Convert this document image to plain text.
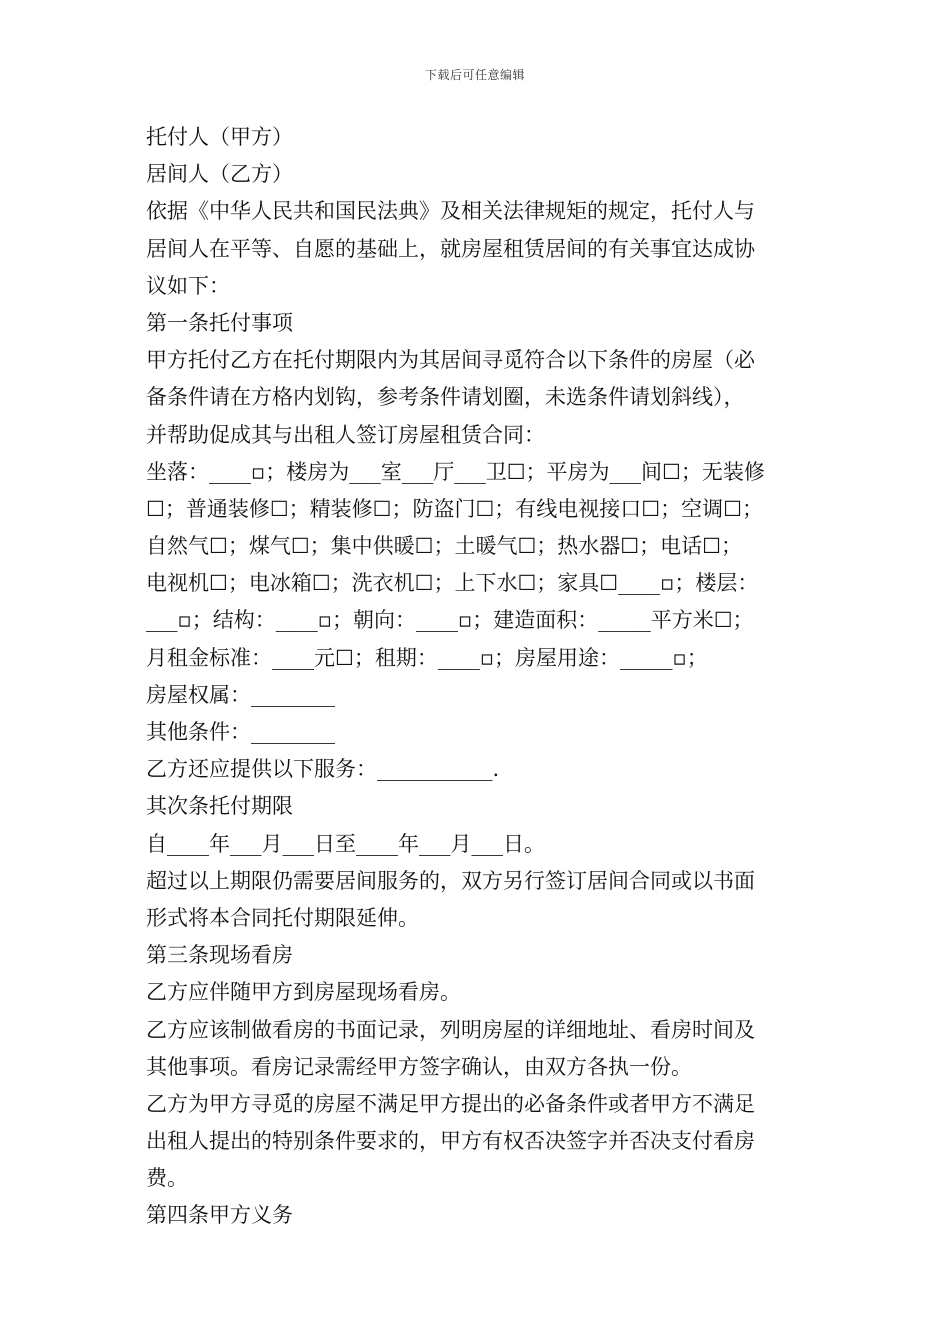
下载后可任意编辑
托付人（甲方）
居间人（乙方）
依据《中华人民共和国民法典》及相关法律规矩的规定，托付人与
居间人在平等、自愿的基础上，就房屋租赁居间的有关事宜达成协
议如下：
第一条托付事项
甲方托付乙方在托付期限内为其居间寻觅符合以下条件的房屋（必
备条件请在方格内划钩，参考条件请划圈，未选条件请划斜线），
并帮助促成其与出租人签订房屋租赁合同：
坐落：____▫；楼房为___室___厅___卫☐；平房为___间☐；无装修
☐；普通装修☐；精装修☐；防盗门☐；有线电视接口☐；空调☐；
自然气☐；煤气☐；集中供暖☐；土暖气☐；热水器☐；电话☐；
电视机☐；电冰箱☐；洗衣机☐；上下水☐；家具☐____▫；楼层：
___▫；结构：____▫；朝向：____▫；建造面积：_____平方米☐；
月租金标准：____元☐；租期：____▫；房屋用途：_____▫；
房屋权属：________
其他条件：________
乙方还应提供以下服务：___________.
其次条托付期限
自____年___月___日至____年___月___日。
超过以上期限仍需要居间服务的，双方另行签订居间合同或以书面
形式将本合同托付期限延伸。
第三条现场看房
乙方应伴随甲方到房屋现场看房。
乙方应该制做看房的书面记录，列明房屋的详细地址、看房时间及
其他事项。看房记录需经甲方签字确认，由双方各执一份。
乙方为甲方寻觅的房屋不满足甲方提出的必备条件或者甲方不满足
出租人提出的特别条件要求的，甲方有权否决签字并否决支付看房
费。
第四条甲方义务
